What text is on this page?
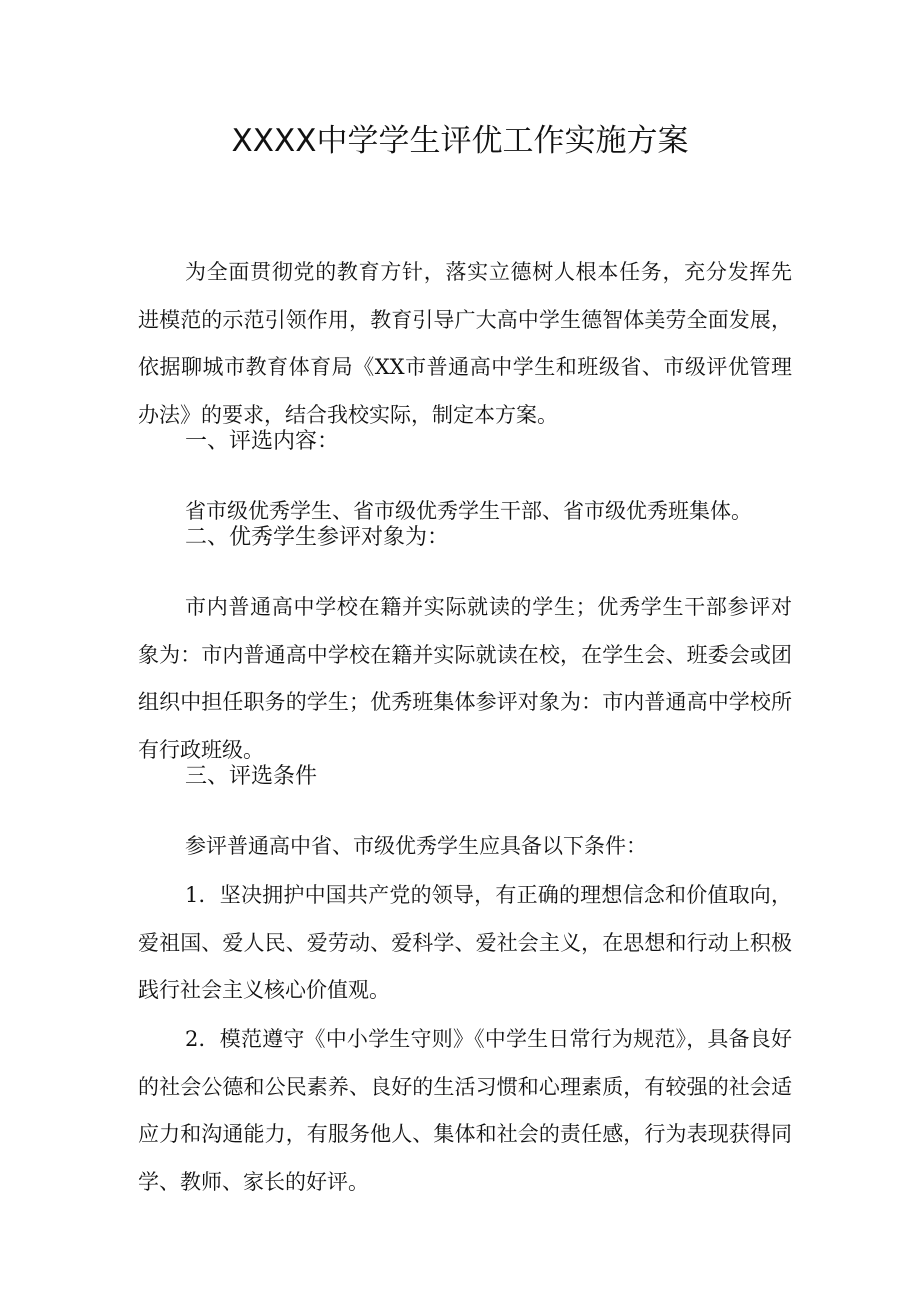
XXXX中学学生评优工作实施方案

为全面贯彻党的教育方针，落实立德树人根本任务，充分发挥先进模范的示范引领作用，教育引导广大高中学生德智体美劳全面发展，依据聊城市教育体育局《XX市普通高中学生和班级省、市级评优管理办法》的要求，结合我校实际，制定本方案。

一、评选内容：

省市级优秀学生、省市级优秀学生干部、省市级优秀班集体。

二、优秀学生参评对象为：

市内普通高中学校在籍并实际就读的学生；优秀学生干部参评对象为：市内普通高中学校在籍并实际就读在校，在学生会、班委会或团组织中担任职务的学生；优秀班集体参评对象为：市内普通高中学校所有行政班级。

三、评选条件

参评普通高中省、市级优秀学生应具备以下条件：

1．坚决拥护中国共产党的领导，有正确的理想信念和价值取向，爱祖国、爱人民、爱劳动、爱科学、爱社会主义，在思想和行动上积极践行社会主义核心价值观。

2．模范遵守《中小学生守则》《中学生日常行为规范》，具备良好的社会公德和公民素养、良好的生活习惯和心理素质，有较强的社会适应力和沟通能力，有服务他人、集体和社会的责任感，行为表现获得同学、教师、家长的好评。
